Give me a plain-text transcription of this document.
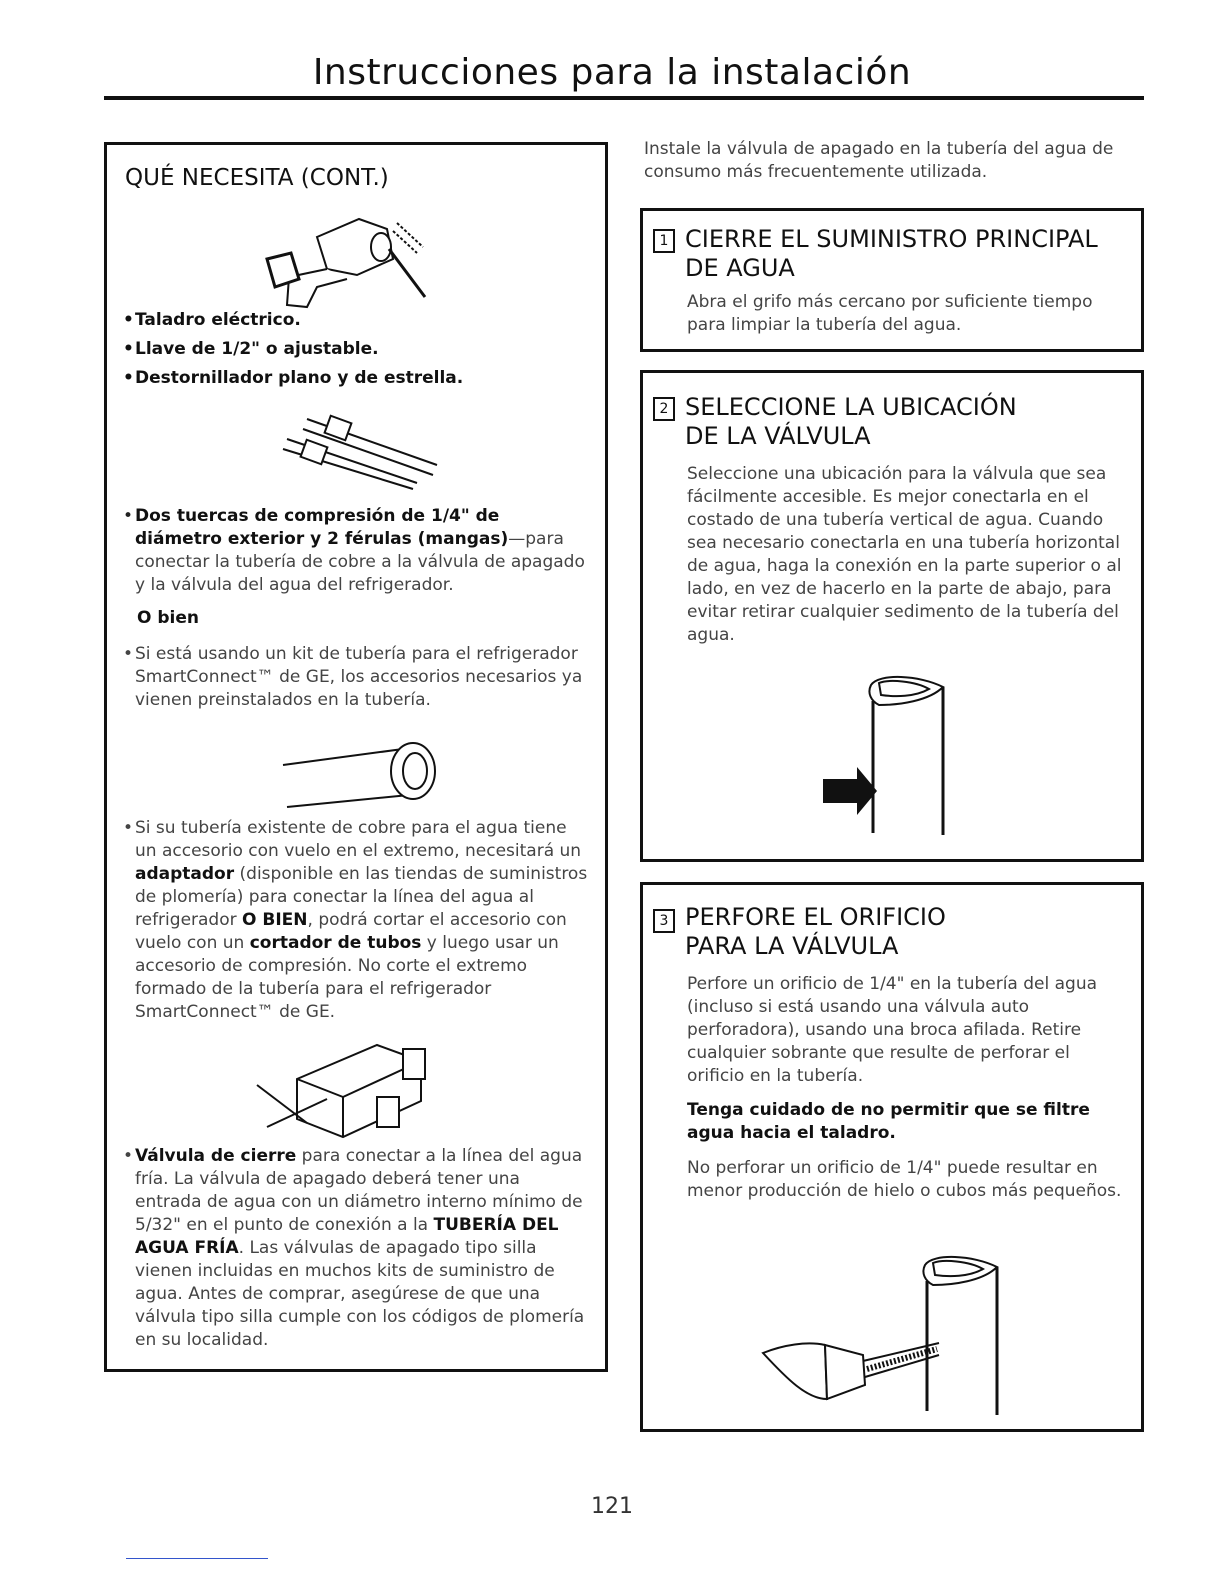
Instrucciones para la instalación
QUÉ NECESITA (CONT.)
• Taladro eléctrico.
• Llave de 1/2" o ajustable.
• Destornillador plano y de estrella.
• Dos tuercas de compresión de 1/4" de diámetro exterior y 2 férulas (mangas)—para conectar la tubería de cobre a la válvula de apagado y la válvula del agua del refrigerador.
O bien
• Si está usando un kit de tubería para el refrigerador SmartConnect™ de GE, los accesorios necesarios ya vienen preinstalados en la tubería.
• Si su tubería existente de cobre para el agua tiene un accesorio con vuelo en el extremo, necesitará un adaptador (disponible en las tiendas de suministros de plomería) para conectar la línea del agua al refrigerador O BIEN, podrá cortar el accesorio con vuelo con un cortador de tubos y luego usar un accesorio de compresión. No corte el extremo formado de la tubería para el refrigerador SmartConnect™ de GE.
• Válvula de cierre para conectar a la línea del agua fría. La válvula de apagado deberá tener una entrada de agua con un diámetro interno mínimo de 5/32" en el punto de conexión a la TUBERÍA DEL AGUA FRÍA. Las válvulas de apagado tipo silla vienen incluidas en muchos kits de suministro de agua. Antes de comprar, asegúrese de que una válvula tipo silla cumple con los códigos de plomería en su localidad.

Instale la válvula de apagado en la tubería del agua de consumo más frecuentemente utilizada.

1 CIERRE EL SUMINISTRO PRINCIPAL
DE AGUA

Abra el grifo más cercano por suficiente tiempo para limpiar la tubería del agua.

2 SELECCIONE LA UBICACIÓN
DE LA VÁLVULA

Seleccione una ubicación para la válvula que sea fácilmente accesible. Es mejor conectarla en el costado de una tubería vertical de agua. Cuando sea necesario conectarla en una tubería horizontal de agua, haga la conexión en la parte superior o al lado, en vez de hacerlo en la parte de abajo, para evitar retirar cualquier sedimento de la tubería del agua.

3 PERFORE EL ORIFICIO
PARA LA VÁLVULA

Perfore un orificio de 1/4" en la tubería del agua (incluso si está usando una válvula auto perforadora), usando una broca afilada. Retire cualquier sobrante que resulte de perforar el orificio en la tubería.

Tenga cuidado de no permitir que se filtre agua hacia el taladro.

No perforar un orificio de 1/4" puede resultar en menor producción de hielo o cubos más pequeños.

121
